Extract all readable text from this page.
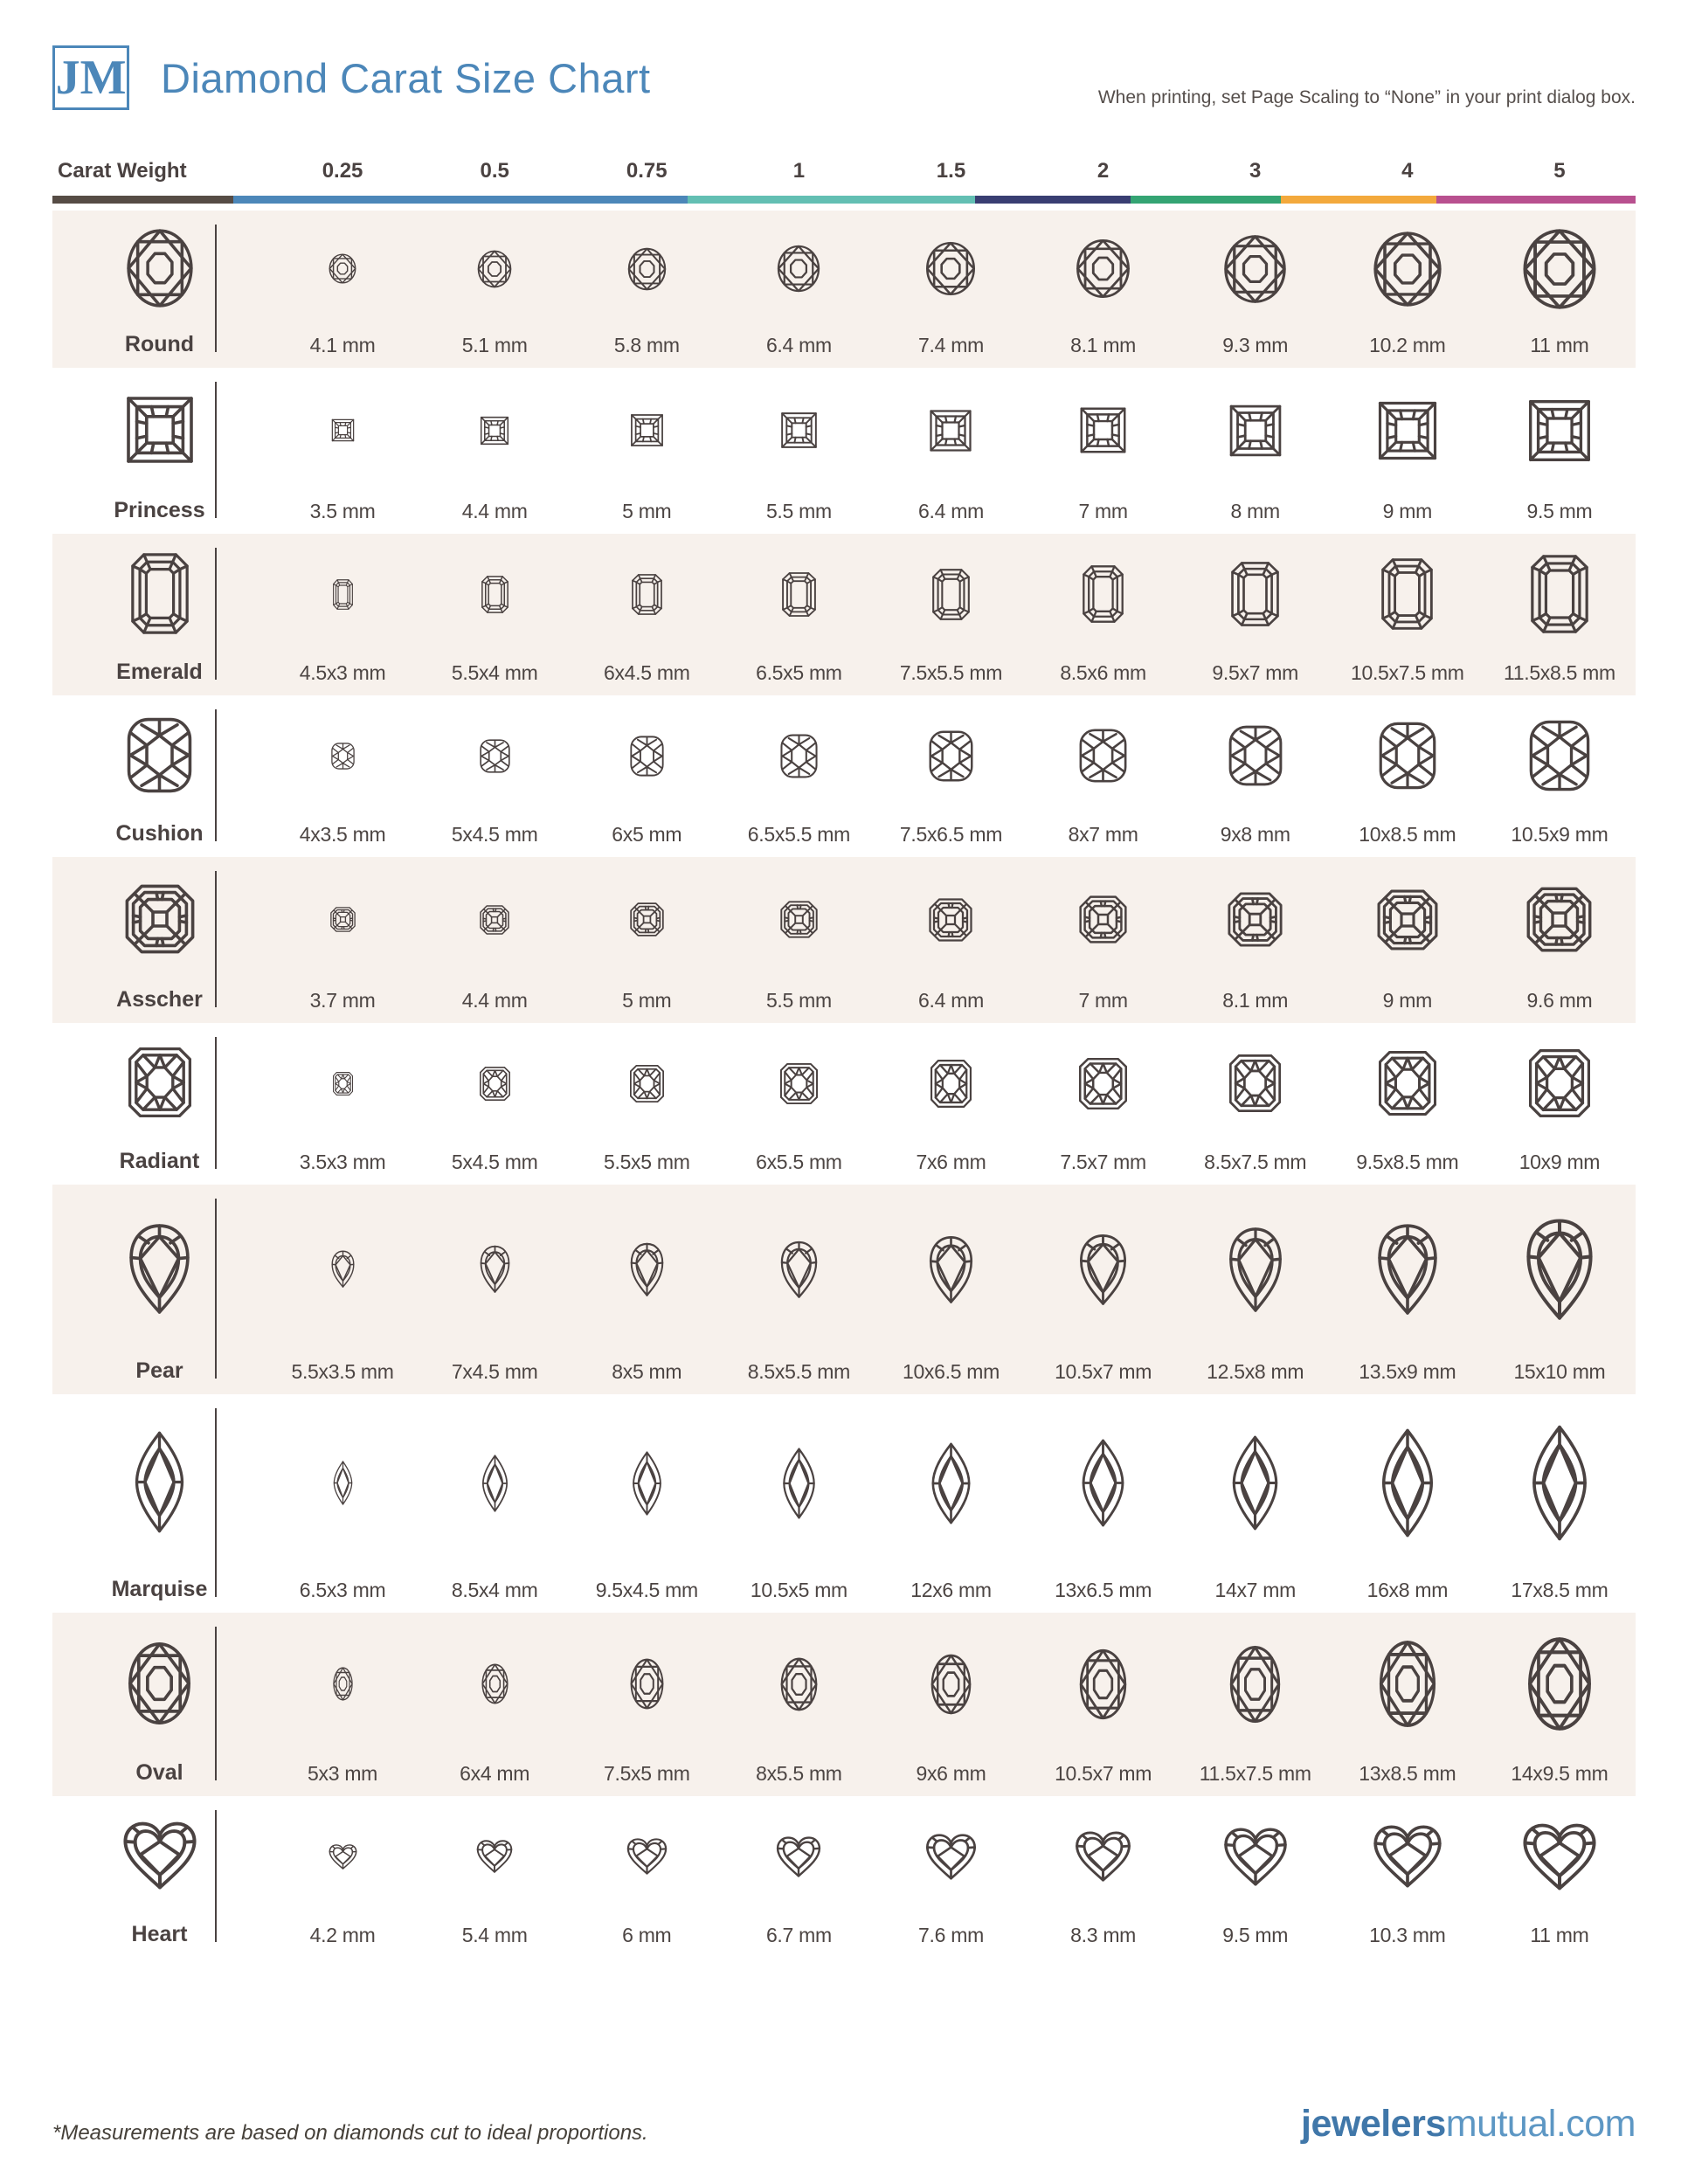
JM Diamond Carat Size Chart	When printing, set Page Scaling to “None” in your print dialog box.
Carat Weight	0.25	0.5	0.75	1	1.5	2	3	4	5
Round	4.1 mm	5.1 mm	5.8 mm	6.4 mm	7.4 mm	8.1 mm	9.3 mm	10.2 mm	11 mm
Princess	3.5 mm	4.4 mm	5 mm	5.5 mm	6.4 mm	7 mm	8 mm	9 mm	9.5 mm
Emerald	4.5x3 mm	5.5x4 mm	6x4.5 mm	6.5x5 mm	7.5x5.5 mm	8.5x6 mm	9.5x7 mm	10.5x7.5 mm 11.5x8.5 mm
Cushion	4x3.5 mm	5x4.5 mm	6x5 mm	6.5x5.5 mm 7.5x6.5 mm	8x7 mm	9x8 mm	10x8.5 mm	10.5x9 mm
Asscher	3.7 mm	4.4 mm	5 mm	5.5 mm	6.4 mm	7 mm	8.1 mm	9 mm	9.6 mm
Radiant	3.5x3 mm	5x4.5 mm	5.5x5 mm	6x5.5 mm	7x6 mm	7.5x7 mm	8.5x7.5 mm 9.5x8.5 mm	10x9 mm
Pear	5.5x3.5 mm	7x4.5 mm	8x5 mm	8.5x5.5 mm	10x6.5 mm	10.5x7 mm	12.5x8 mm	13.5x9 mm	15x10 mm
Marquise	6.5x3 mm	8.5x4 mm	9.5x4.5 mm	10.5x5 mm	12x6 mm	13x6.5 mm	14x7 mm	16x8 mm	17x8.5 mm
Oval	5x3 mm	6x4 mm	7.5x5 mm	8x5.5 mm	9x6 mm	10.5x7 mm 11.5x7.5 mm 13x8.5 mm	14x9.5 mm
Heart	4.2 mm	5.4 mm	6 mm	6.7 mm	7.6 mm	8.3 mm	9.5 mm	10.3 mm	11 mm
*Measurements are based on diamonds cut to ideal proportions.	jewelersmutual.com
